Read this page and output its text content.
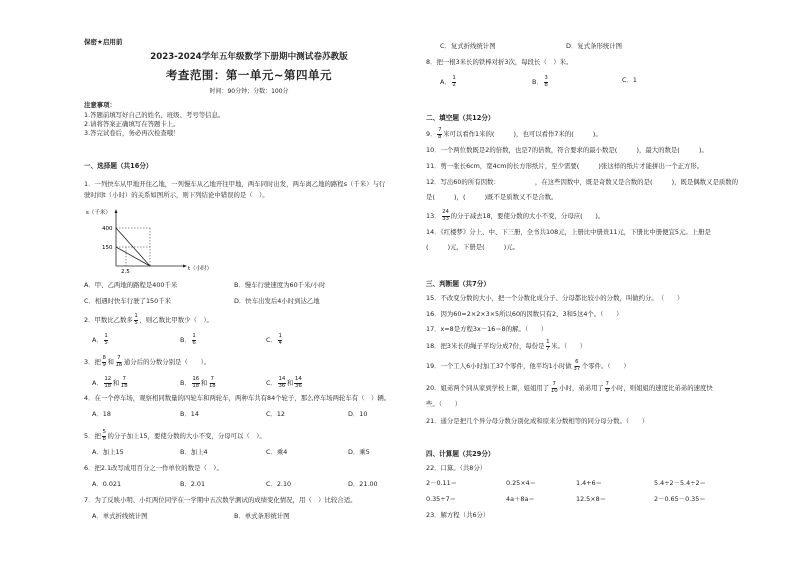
保密★启用前
2023-2024学年五年级数学下册期中测试卷苏教版
考查范围：第一单元~第四单元
时间：90分钟；分数：100分
注意事项：
1.答题前填写好自己的姓名、班级、考号等信息。
2.请将答案正确填写在答题卡上。
3.答完试卷后，务必再次检查哦！
一、选择题（共16分）
1．一列快车从甲地开往乙地，一列慢车从乙地开往甲地，两车同时出发，两车离乙地的路程s（千米）与行
驶时间t（小时）的关系如图所示，则下列结论中错误的是（　）。
s（千米）
400
150
2.5	t（小时）
A．甲、乙两地的路程是400千米	B．慢车行驶速度为60千米/小时
C．相遇时快车行驶了150千米	D．快车出发后4小时到达乙地
2．甲数比乙数多 $\frac{1}{5}$ ，则乙数比甲数少（　）。
A． $\frac{1}{5}$	B． $\frac{1}{6}$	C． $\frac{1}{4}$
3．把 $\frac{8}{9}$ 和 $\frac{7}{18}$ 通分后的分数分别是（　　）。
A． $\frac{12}{18}$ 和 $\frac{7}{18}$	B． $\frac{16}{18}$ 和 $\frac{7}{18}$	C． $\frac{14}{36}$ 和 $\frac{14}{36}$
4．在一个停车场，观察相同数量的四轮车和两轮车，两种车共有84个轮子，那么停车场两轮车有（　）辆。
A．18	B．14	C．12	D．10
5．把 $\frac{5}{8}$ 的分子加上15，要使分数的大小不变，分母可以（　）。
A．加上15	B．加上4	C．乘4	D．乘5
6．把2.1改写成用百分之一作单位的数是（　）。
A．0.021	B．2.01	C．2.10	D．21.00
7．为了反映小明、小红两位同学在一学期中五次数学测试的成绩变化情况，用（　）比较合适。
A．单式折线统计图	B．单式条形统计图
C．复式折线统计图	D．复式条形统计图
8．把一根3米长的铁棒对折3次，每段长（　）米。
A． $\frac{1}{2}$	B． $\frac{3}{8}$	C．1
二、填空题（共12分）
9． $\frac{7}{8}$ 米可以看作1米的(　　　)，也可以看作7米的(　　　)。
10．一个两位数既是2的倍数，也是7的倍数，符合要求的最小数是(　　　)，最大的数是(　　　)。
11．剪一张长6cm，宽4cm的长方形纸片，至少需要(　　　)张这样的纸片才能拼出一个正方形。
12．写出60的所有因数：　　　　　　，在这些因数中，既是奇数又是合数的是(　　　)，既是偶数又是质数的
是(　　　)，(　　　)既不是质数又不是合数。
13． $\frac{24}{33}$ 的分子减去18，要使分数的大小不变，分母应(　　)。
14．《红楼梦》分上、中、下三册，全书共108元，上册比中册贵11元，下册比中册便宜5元。上册是
(　　　)元，下册是(　　　)元。
三、判断题（共7分）
15．不改变分数的大小，把一个分数化成分子、分母都比较小的分数，叫做约分。　（　　）
16．因为60=2×2×3×5所以60的因数只有2、3和5这4个。（　　）
17．x=8是方程3x－16＝8的解。（　　）
18．把3米长的绳子平均分成7份，每份是 $\frac{1}{7}$ 米。（　　）
19．一个工人6小时加工37个零件，他平均1小时做 $\frac{6}{37}$ 个零件。（　　）
20．姐弟两个同从家到学校上课，姐姐用了 $\frac{7}{10}$ 小时，弟弟用了 $\frac{7}{9}$ 小时，则姐姐的速度比弟弟的速度快
些。（　　）
21．通分是把几个异分母分数分别化成和原来分数相等的同分母分数。（　　）
四、计算题（共29分）
22．口算。（共8分）
2－0.11＝	0.25×4＝	1.4+6＝	5.4÷2－5.4÷2＝
0.35÷7＝	4a＋8a＝	12.5×8＝	2－0.65－0.35＝
23．解方程（共6分）
